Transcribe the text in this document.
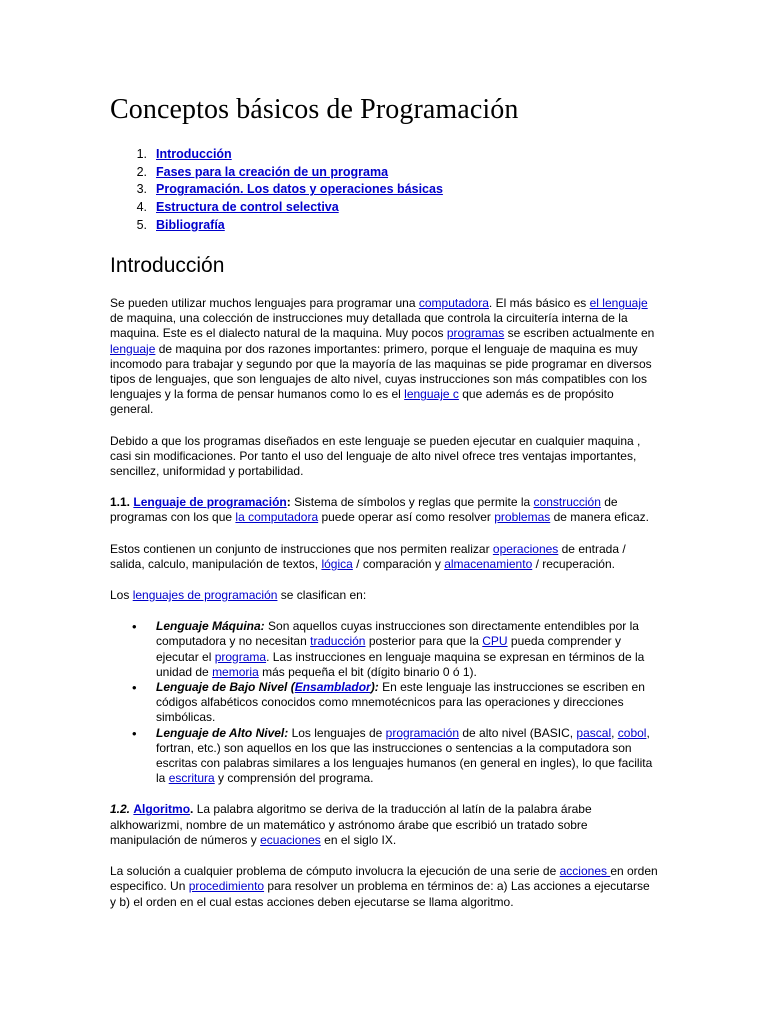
Conceptos básicos de Programación
1. Introducción
2. Fases para la creación de un programa
3. Programación. Los datos y operaciones básicas
4. Estructura de control selectiva
5. Bibliografía
Introducción

Se pueden utilizar muchos lenguajes para programar una computadora. El más básico es el lenguaje de maquina, una colección de instrucciones muy detallada que controla la circuitería interna de la maquina. Este es el dialecto natural de la maquina. Muy pocos programas se escriben actualmente en lenguaje de maquina por dos razones importantes: primero, porque el lenguaje de maquina es muy incomodo para trabajar y segundo por que la mayoría de las maquinas se pide programar en diversos tipos de lenguajes, que son lenguajes de alto nivel, cuyas instrucciones son más compatibles con los lenguajes y la forma de pensar humanos como lo es el lenguaje c que además es de propósito general.

Debido a que los programas diseñados en este lenguaje se pueden ejecutar en cualquier maquina , casi sin modificaciones. Por tanto el uso del lenguaje de alto nivel ofrece tres ventajas importantes, sencillez, uniformidad y portabilidad.

1.1. Lenguaje de programación: Sistema de símbolos y reglas que permite la construcción de programas con los que la computadora puede operar así como resolver problemas de manera eficaz.

Estos contienen un conjunto de instrucciones que nos permiten realizar operaciones de entrada / salida, calculo, manipulación de textos, lógica / comparación y almacenamiento / recuperación.

Los lenguajes de programación se clasifican en:

• Lenguaje Máquina: Son aquellos cuyas instrucciones son directamente entendibles por la computadora y no necesitan traducción posterior para que la CPU pueda comprender y ejecutar el programa. Las instrucciones en lenguaje maquina se expresan en términos de la unidad de memoria más pequeña el bit (dígito binario 0 ó 1).
• Lenguaje de Bajo Nivel (Ensamblador): En este lenguaje las instrucciones se escriben en códigos alfabéticos conocidos como mnemotécnicos para las operaciones y direcciones simbólicas.
• Lenguaje de Alto Nivel: Los lenguajes de programación de alto nivel (BASIC, pascal, cobol, fortran, etc.) son aquellos en los que las instrucciones o sentencias a la computadora son escritas con palabras similares a los lenguajes humanos (en general en ingles), lo que facilita la escritura y comprensión del programa.

1.2. Algoritmo. La palabra algoritmo se deriva de la traducción al latín de la palabra árabe alkhowarizmi, nombre de un matemático y astrónomo árabe que escribió un tratado sobre manipulación de números y ecuaciones en el siglo IX.

La solución a cualquier problema de cómputo involucra la ejecución de una serie de acciones en orden especifico. Un procedimiento para resolver un problema en términos de: a) Las acciones a ejecutarse y b) el orden en el cual estas acciones deben ejecutarse se llama algoritmo.
